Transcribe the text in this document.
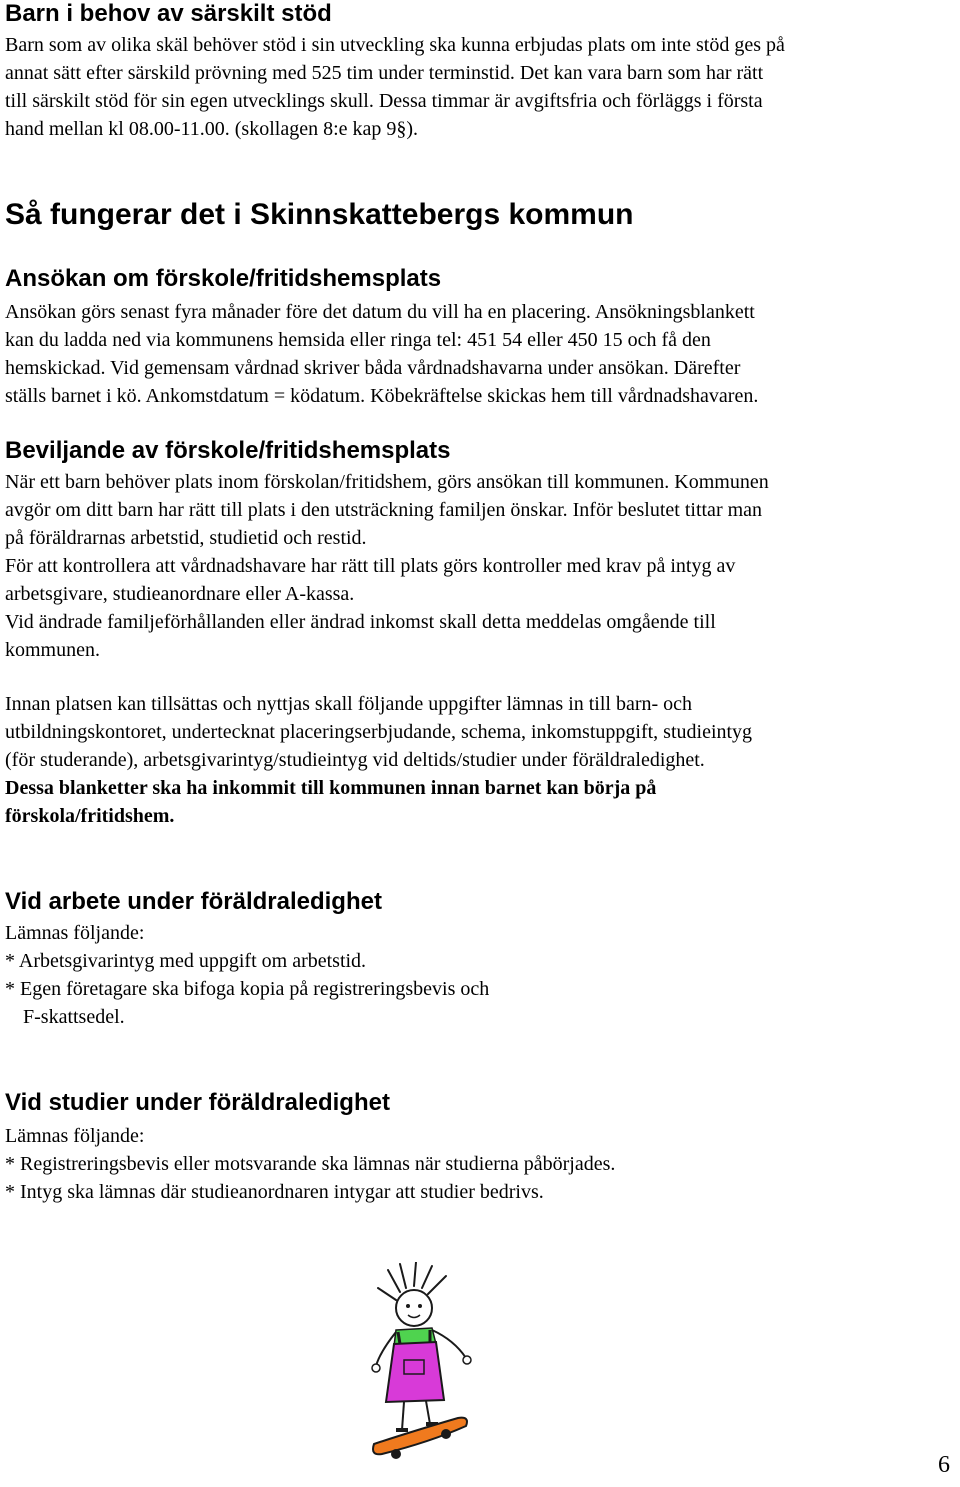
Barn i behov av särskilt stöd
Barn som av olika skäl behöver stöd i sin utveckling ska kunna erbjudas plats om inte stöd ges på
annat sätt efter särskild prövning med 525 tim under terminstid. Det kan vara barn som har rätt
till särskilt stöd för sin egen utvecklings skull. Dessa timmar är avgiftsfria och förläggs i första
hand mellan kl 08.00-11.00. (skollagen 8:e kap 9§).
Så fungerar det i Skinnskattebergs kommun
Ansökan om förskole/fritidshemsplats
Ansökan görs senast fyra månader före det datum du vill ha en placering. Ansökningsblankett
kan du ladda ned via kommunens hemsida eller ringa tel: 451 54 eller 450 15 och få den
hemskickad. Vid gemensam vårdnad skriver båda vårdnadshavarna under ansökan. Därefter
ställs barnet i kö. Ankomstdatum = ködatum. Köbekräftelse skickas hem till vårdnadshavaren.
Beviljande av förskole/fritidshemsplats
När ett barn behöver plats inom förskolan/fritidshem, görs ansökan till kommunen. Kommunen
avgör om ditt barn har rätt till plats i den utsträckning familjen önskar. Inför beslutet tittar man
på föräldrarnas arbetstid, studietid och restid.
För att kontrollera att vårdnadshavare har rätt till plats görs kontroller med krav på intyg av
arbetsgivare, studieanordnare eller A-kassa.
Vid ändrade familjeförhållanden eller ändrad inkomst skall detta meddelas omgående till
kommunen.
Innan platsen kan tillsättas och nyttjas skall följande uppgifter lämnas in till barn- och
utbildningskontoret, undertecknat placeringserbjudande, schema, inkomstuppgift, studieintyg
(för studerande), arbetsgivarintyg/studieintyg vid deltids/studier under föräldraledighet.
Dessa blanketter ska ha inkommit till kommunen innan barnet kan börja på
förskola/fritidshem.
Vid arbete under föräldraledighet
Lämnas följande:
* Arbetsgivarintyg med uppgift om arbetstid.
* Egen företagare ska bifoga kopia på registreringsbevis och
F-skattsedel.
Vid studier under föräldraledighet
Lämnas följande:
* Registreringsbevis eller motsvarande ska lämnas när studierna påbörjades.
* Intyg ska lämnas där studieanordnaren intygar att studier bedrivs.
6
